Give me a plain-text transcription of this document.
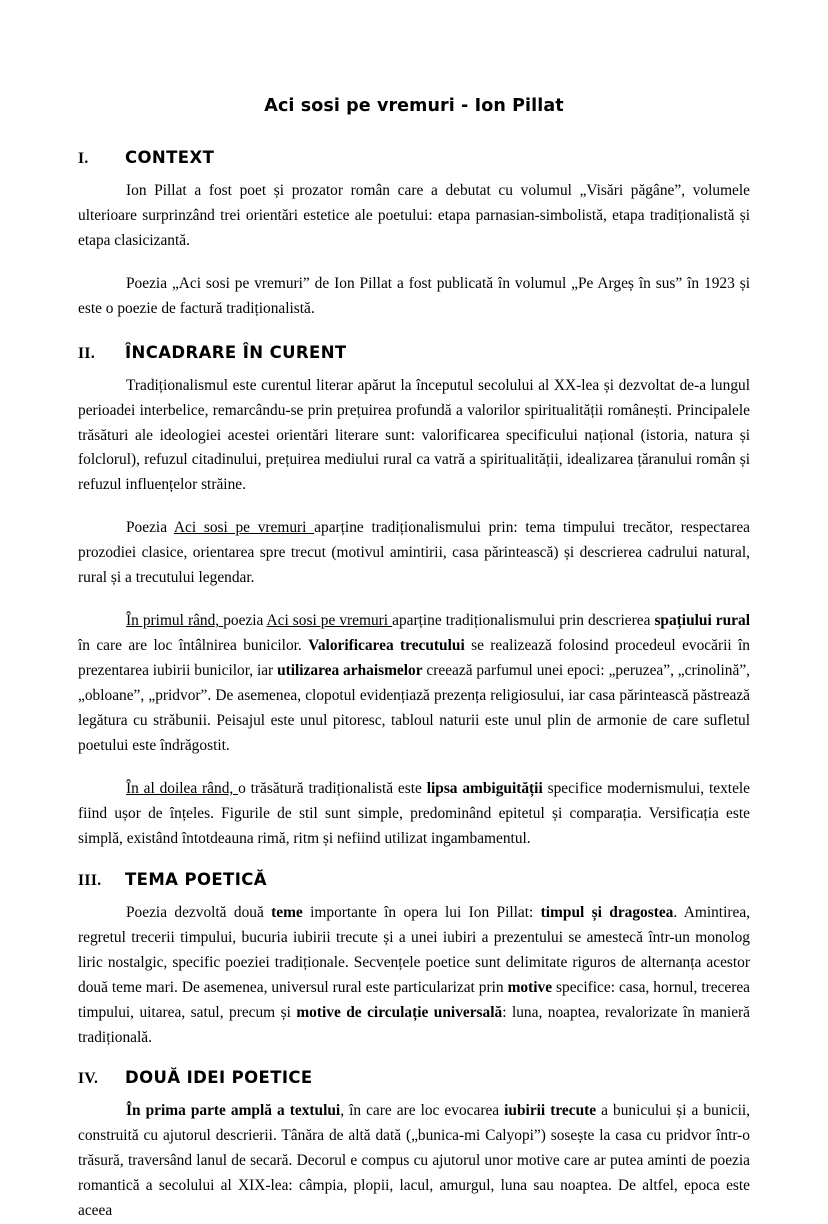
Aci sosi pe vremuri - Ion Pillat
I.	CONTEXT

Ion Pillat a fost poet și prozator român care a debutat cu volumul „Visări păgâne”, volumele ulterioare surprinzând trei orientări estetice ale poetului: etapa parnasian-simbolistă, etapa tradiționalistă și etapa clasicizantă.

Poezia „Aci sosi pe vremuri” de Ion Pillat a fost publicată în volumul „Pe Argeș în sus” în 1923 și este o poezie de factură tradiționalistă.

II.	ÎNCADRARE ÎN CURENT

Tradiționalismul este curentul literar apărut la începutul secolului al XX-lea și dezvoltat de-a lungul perioadei interbelice, remarcându-se prin prețuirea profundă a valorilor spiritualității românești. Principalele trăsături ale ideologiei acestei orientări literare sunt: valorificarea specificului național (istoria, natura și folclorul), refuzul citadinului, prețuirea mediului rural ca vatră a spiritualității, idealizarea țăranului român și refuzul influențelor străine.

Poezia Aci sosi pe vremuri aparține tradiționalismului prin: tema timpului trecător, respectarea prozodiei clasice, orientarea spre trecut (motivul amintirii, casa părintească) și descrierea cadrului natural, rural și a trecutului legendar.

În primul rând, poezia Aci sosi pe vremuri aparține tradiționalismului prin descrierea spațiului rural în care are loc întâlnirea bunicilor. Valorificarea trecutului se realizează folosind procedeul evocării în prezentarea iubirii bunicilor, iar utilizarea arhaismelor creează parfumul unei epoci: „peruzea”, „crinolină”, „obloane”, „pridvor”. De asemenea, clopotul evidențiază prezența religiosului, iar casa părintească păstrează legătura cu străbunii. Peisajul este unul pitoresc, tabloul naturii este unul plin de armonie de care sufletul poetului este îndrăgostit.

În al doilea rând, o trăsătură tradiționalistă este lipsa ambiguității specifice modernismului, textele fiind ușor de înțeles. Figurile de stil sunt simple, predominând epitetul și comparația. Versificația este simplă, existând întotdeauna rimă, ritm și nefiind utilizat ingambamentul.

III.	TEMA POETICĂ

Poezia dezvoltă două teme importante în opera lui Ion Pillat: timpul și dragostea. Amintirea, regretul trecerii timpului, bucuria iubirii trecute și a unei iubiri a prezentului se amestecă într-un monolog liric nostalgic, specific poeziei tradiționale. Secvențele poetice sunt delimitate riguros de alternanța acestor două teme mari. De asemenea, universul rural este particularizat prin motive specifice: casa, hornul, trecerea timpului, uitarea, satul, precum și motive de circulație universală: luna, noaptea, revalorizate în manieră tradițională.

IV.	DOUĂ IDEI POETICE

În prima parte amplă a textului, în care are loc evocarea iubirii trecute a bunicului și a bunicii, construită cu ajutorul descrierii. Tânăra de altă dată („bunica-mi Calyopi”) sosește la casa cu pridvor într-o trăsură, traversând lanul de secară. Decorul e compus cu ajutorul unor motive care ar putea aminti de poezia romantică a secolului al XIX-lea: câmpia, plopii, lacul, amurgul, luna sau noaptea. De altfel, epoca este aceea
